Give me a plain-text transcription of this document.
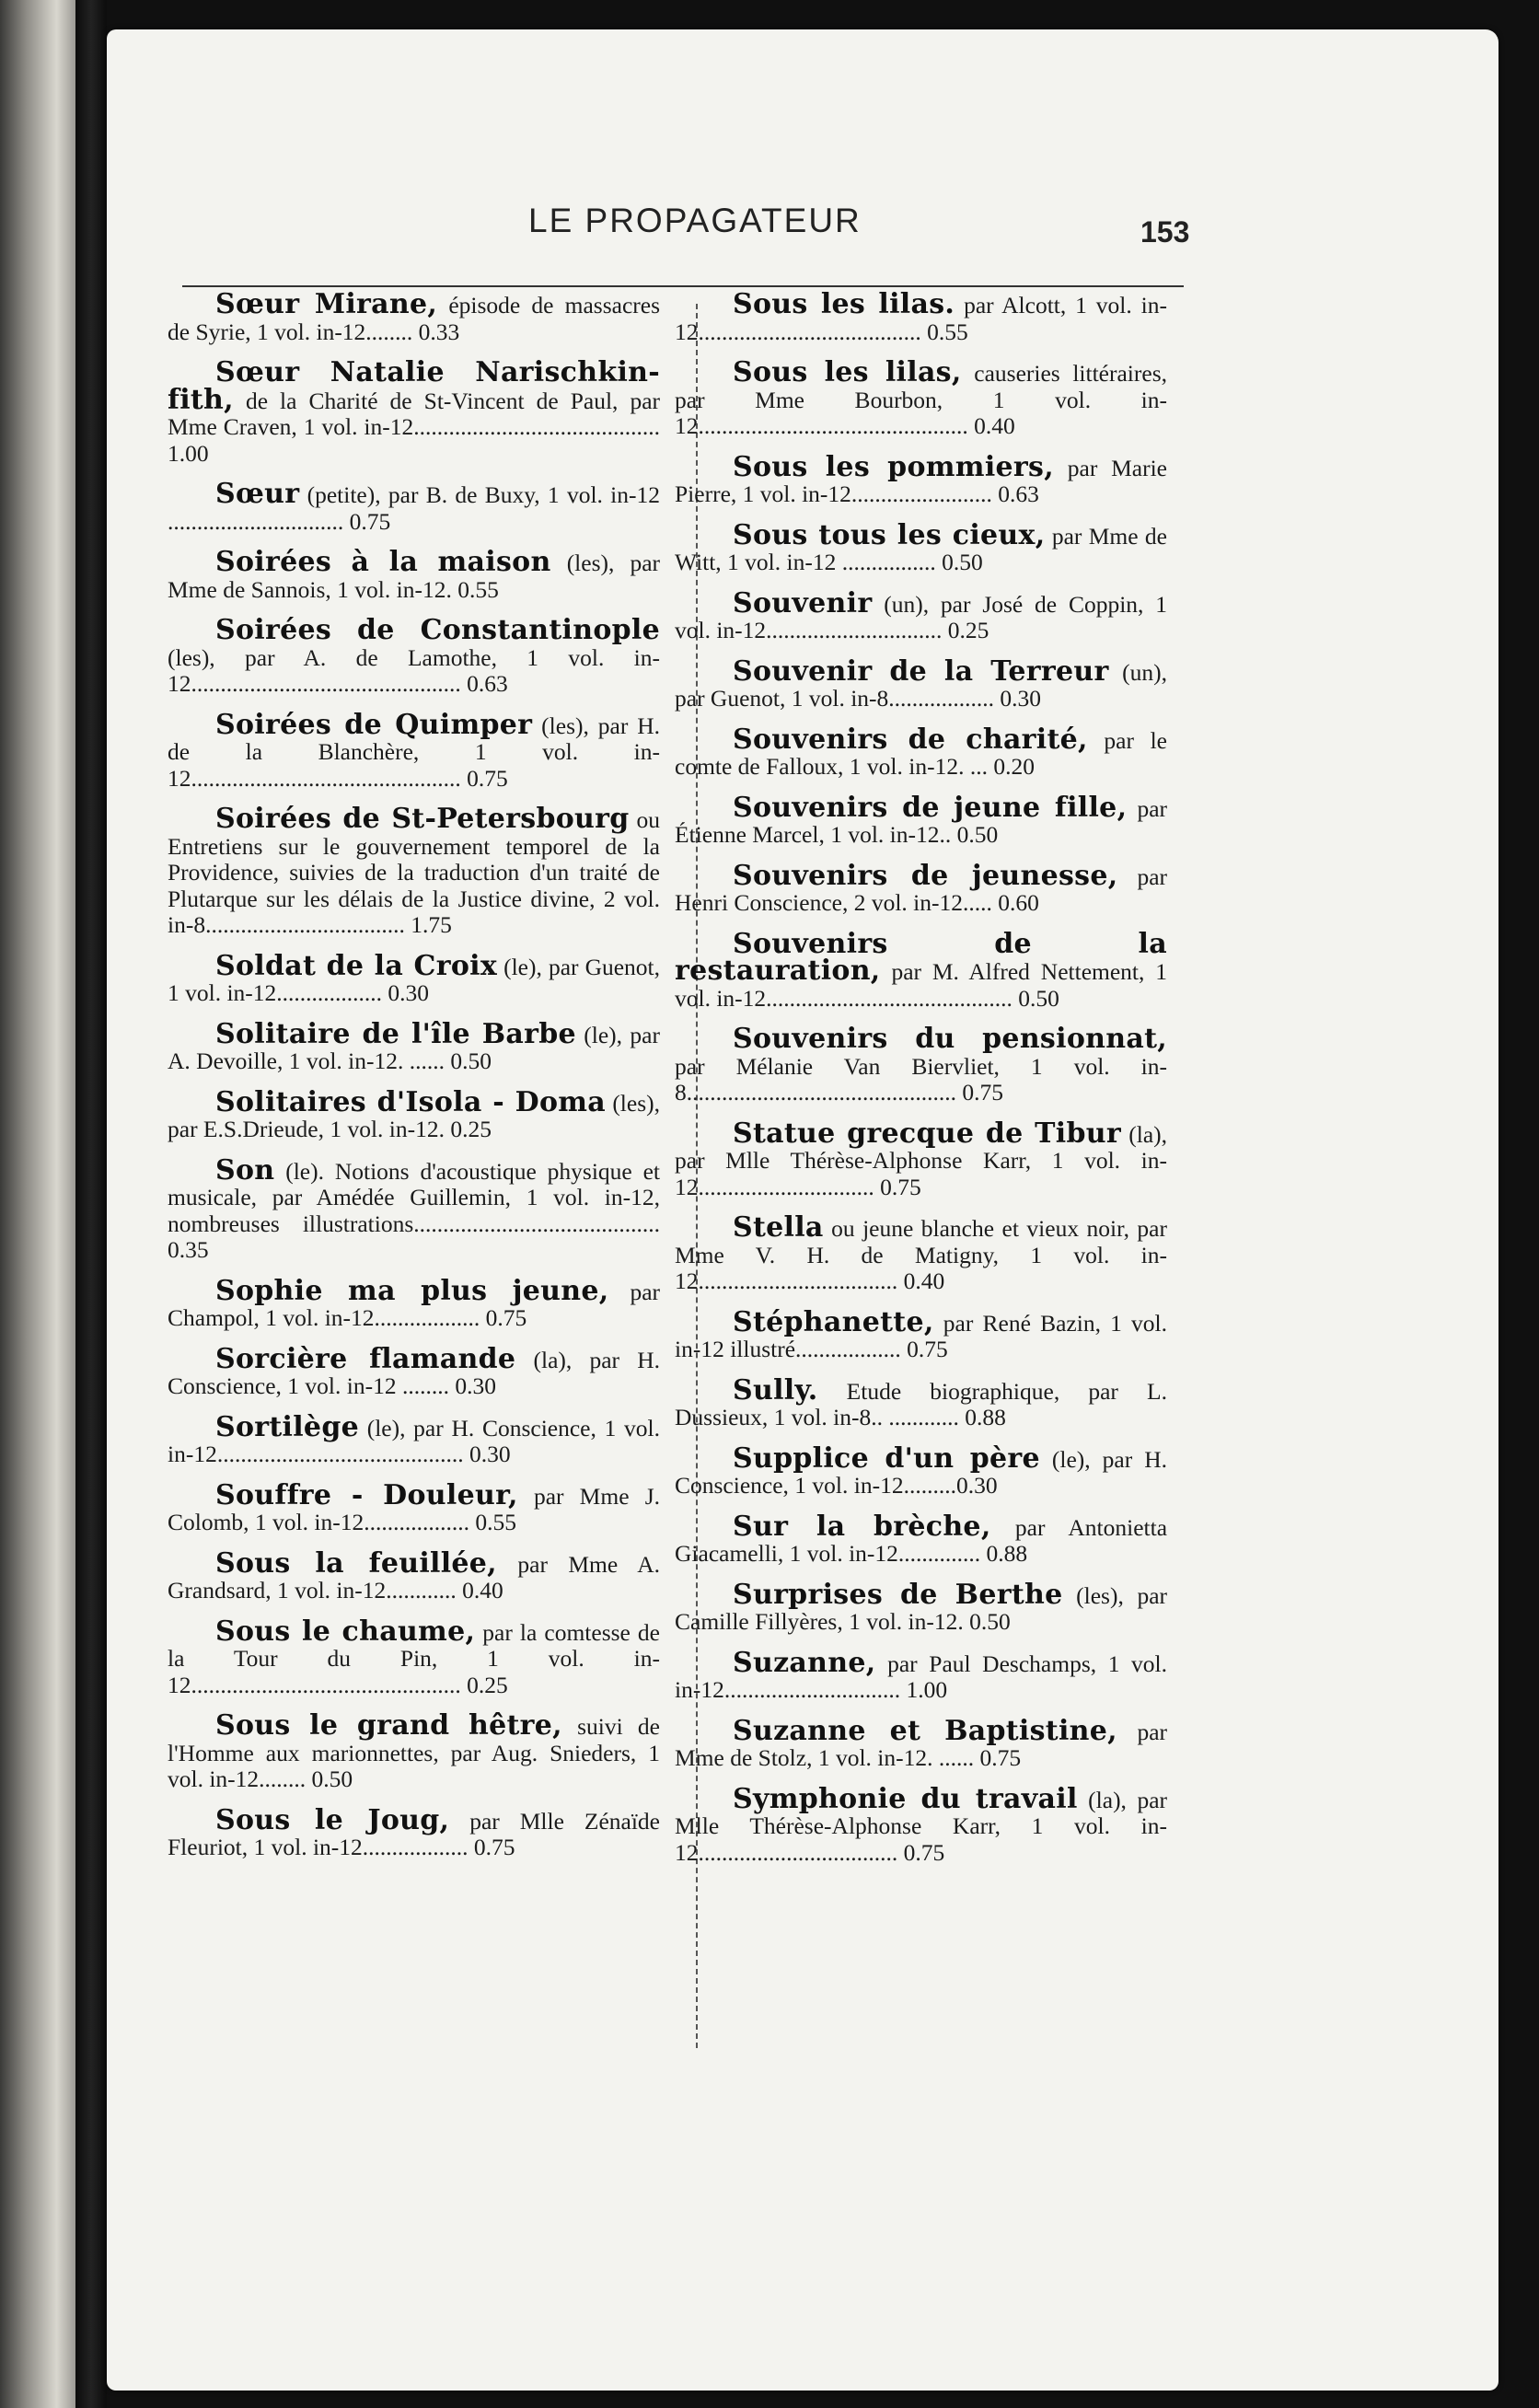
LE PROPAGATEUR	153

Sœur Mirane, épisode de massacres de Syrie, 1 vol. in-12........ 0.33

Sœur Natalie Narischkin-fith, de la Charité de St-Vincent de Paul, par Mme Craven, 1 vol. in-12.......................................... 1.00

Sœur (petite), par B. de Buxy, 1 vol. in-12 .............................. 0.75

Soirées à la maison (les), par Mme de Sannois, 1 vol. in-12. 0.55

Soirées de Constantinople (les), par A. de Lamothe, 1 vol. in-12.............................................. 0.63

Soirées de Quimper (les), par H. de la Blanchère, 1 vol. in-12.............................................. 0.75

Soirées de St-Petersbourg ou Entretiens sur le gouvernement temporel de la Providence, suivies de la traduction d'un traité de Plutarque sur les délais de la Justice divine, 2 vol. in-8.................................. 1.75

Soldat de la Croix (le), par Guenot, 1 vol. in-12.................. 0.30

Solitaire de l'île Barbe (le), par A. Devoille, 1 vol. in-12. ...... 0.50

Solitaires d'Isola - Doma (les), par E.S.Drieude, 1 vol. in-12. 0.25

Son (le). Notions d'acoustique physique et musicale, par Amédée Guillemin, 1 vol. in-12, nombreuses illustrations.......................................... 0.35

Sophie ma plus jeune, par Champol, 1 vol. in-12.................. 0.75

Sorcière flamande (la), par H. Conscience, 1 vol. in-12 ........ 0.30

Sortilège (le), par H. Conscience, 1 vol. in-12.......................................... 0.30

Souffre - Douleur, par Mme J. Colomb, 1 vol. in-12.................. 0.55

Sous la feuillée, par Mme A. Grandsard, 1 vol. in-12............ 0.40

Sous le chaume, par la comtesse de la Tour du Pin, 1 vol. in-12.............................................. 0.25

Sous le grand hêtre, suivi de l'Homme aux marionnettes, par Aug. Snieders, 1 vol. in-12........ 0.50

Sous le Joug, par Mlle Zénaïde Fleuriot, 1 vol. in-12.................. 0.75

Sous les lilas. par Alcott, 1 vol. in-12...................................... 0.55

Sous les lilas, causeries littéraires, par Mme Bourbon, 1 vol. in-12.............................................. 0.40

Sous les pommiers, par Marie Pierre, 1 vol. in-12........................ 0.63

Sous tous les cieux, par Mme de Witt, 1 vol. in-12 ................ 0.50

Souvenir (un), par José de Coppin, 1 vol. in-12.............................. 0.25

Souvenir de la Terreur (un), par Guenot, 1 vol. in-8.................. 0.30

Souvenirs de charité, par le comte de Falloux, 1 vol. in-12. ... 0.20

Souvenirs de jeune fille, par Étienne Marcel, 1 vol. in-12.. 0.50

Souvenirs de jeunesse, par Henri Conscience, 2 vol. in-12..... 0.60

Souvenirs de la restauration, par M. Alfred Nettement, 1 vol. in-12.......................................... 0.50

Souvenirs du pensionnat, par Mélanie Van Biervliet, 1 vol. in-8.............................................. 0.75

Statue grecque de Tibur (la), par Mlle Thérèse-Alphonse Karr, 1 vol. in-12.............................. 0.75

Stella ou jeune blanche et vieux noir, par Mme V. H. de Matigny, 1 vol. in-12.................................. 0.40

Stéphanette, par René Bazin, 1 vol. in-12 illustré.................. 0.75

Sully. Etude biographique, par L. Dussieux, 1 vol. in-8.. ............ 0.88

Supplice d'un père (le), par H. Conscience, 1 vol. in-12.........0.30

Sur la brèche, par Antonietta Giacamelli, 1 vol. in-12.............. 0.88

Surprises de Berthe (les), par Camille Fillyères, 1 vol. in-12. 0.50

Suzanne, par Paul Deschamps, 1 vol. in-12.............................. 1.00

Suzanne et Baptistine, par Mme de Stolz, 1 vol. in-12. ...... 0.75

Symphonie du travail (la), par Mlle Thérèse-Alphonse Karr, 1 vol. in-12.................................. 0.75
